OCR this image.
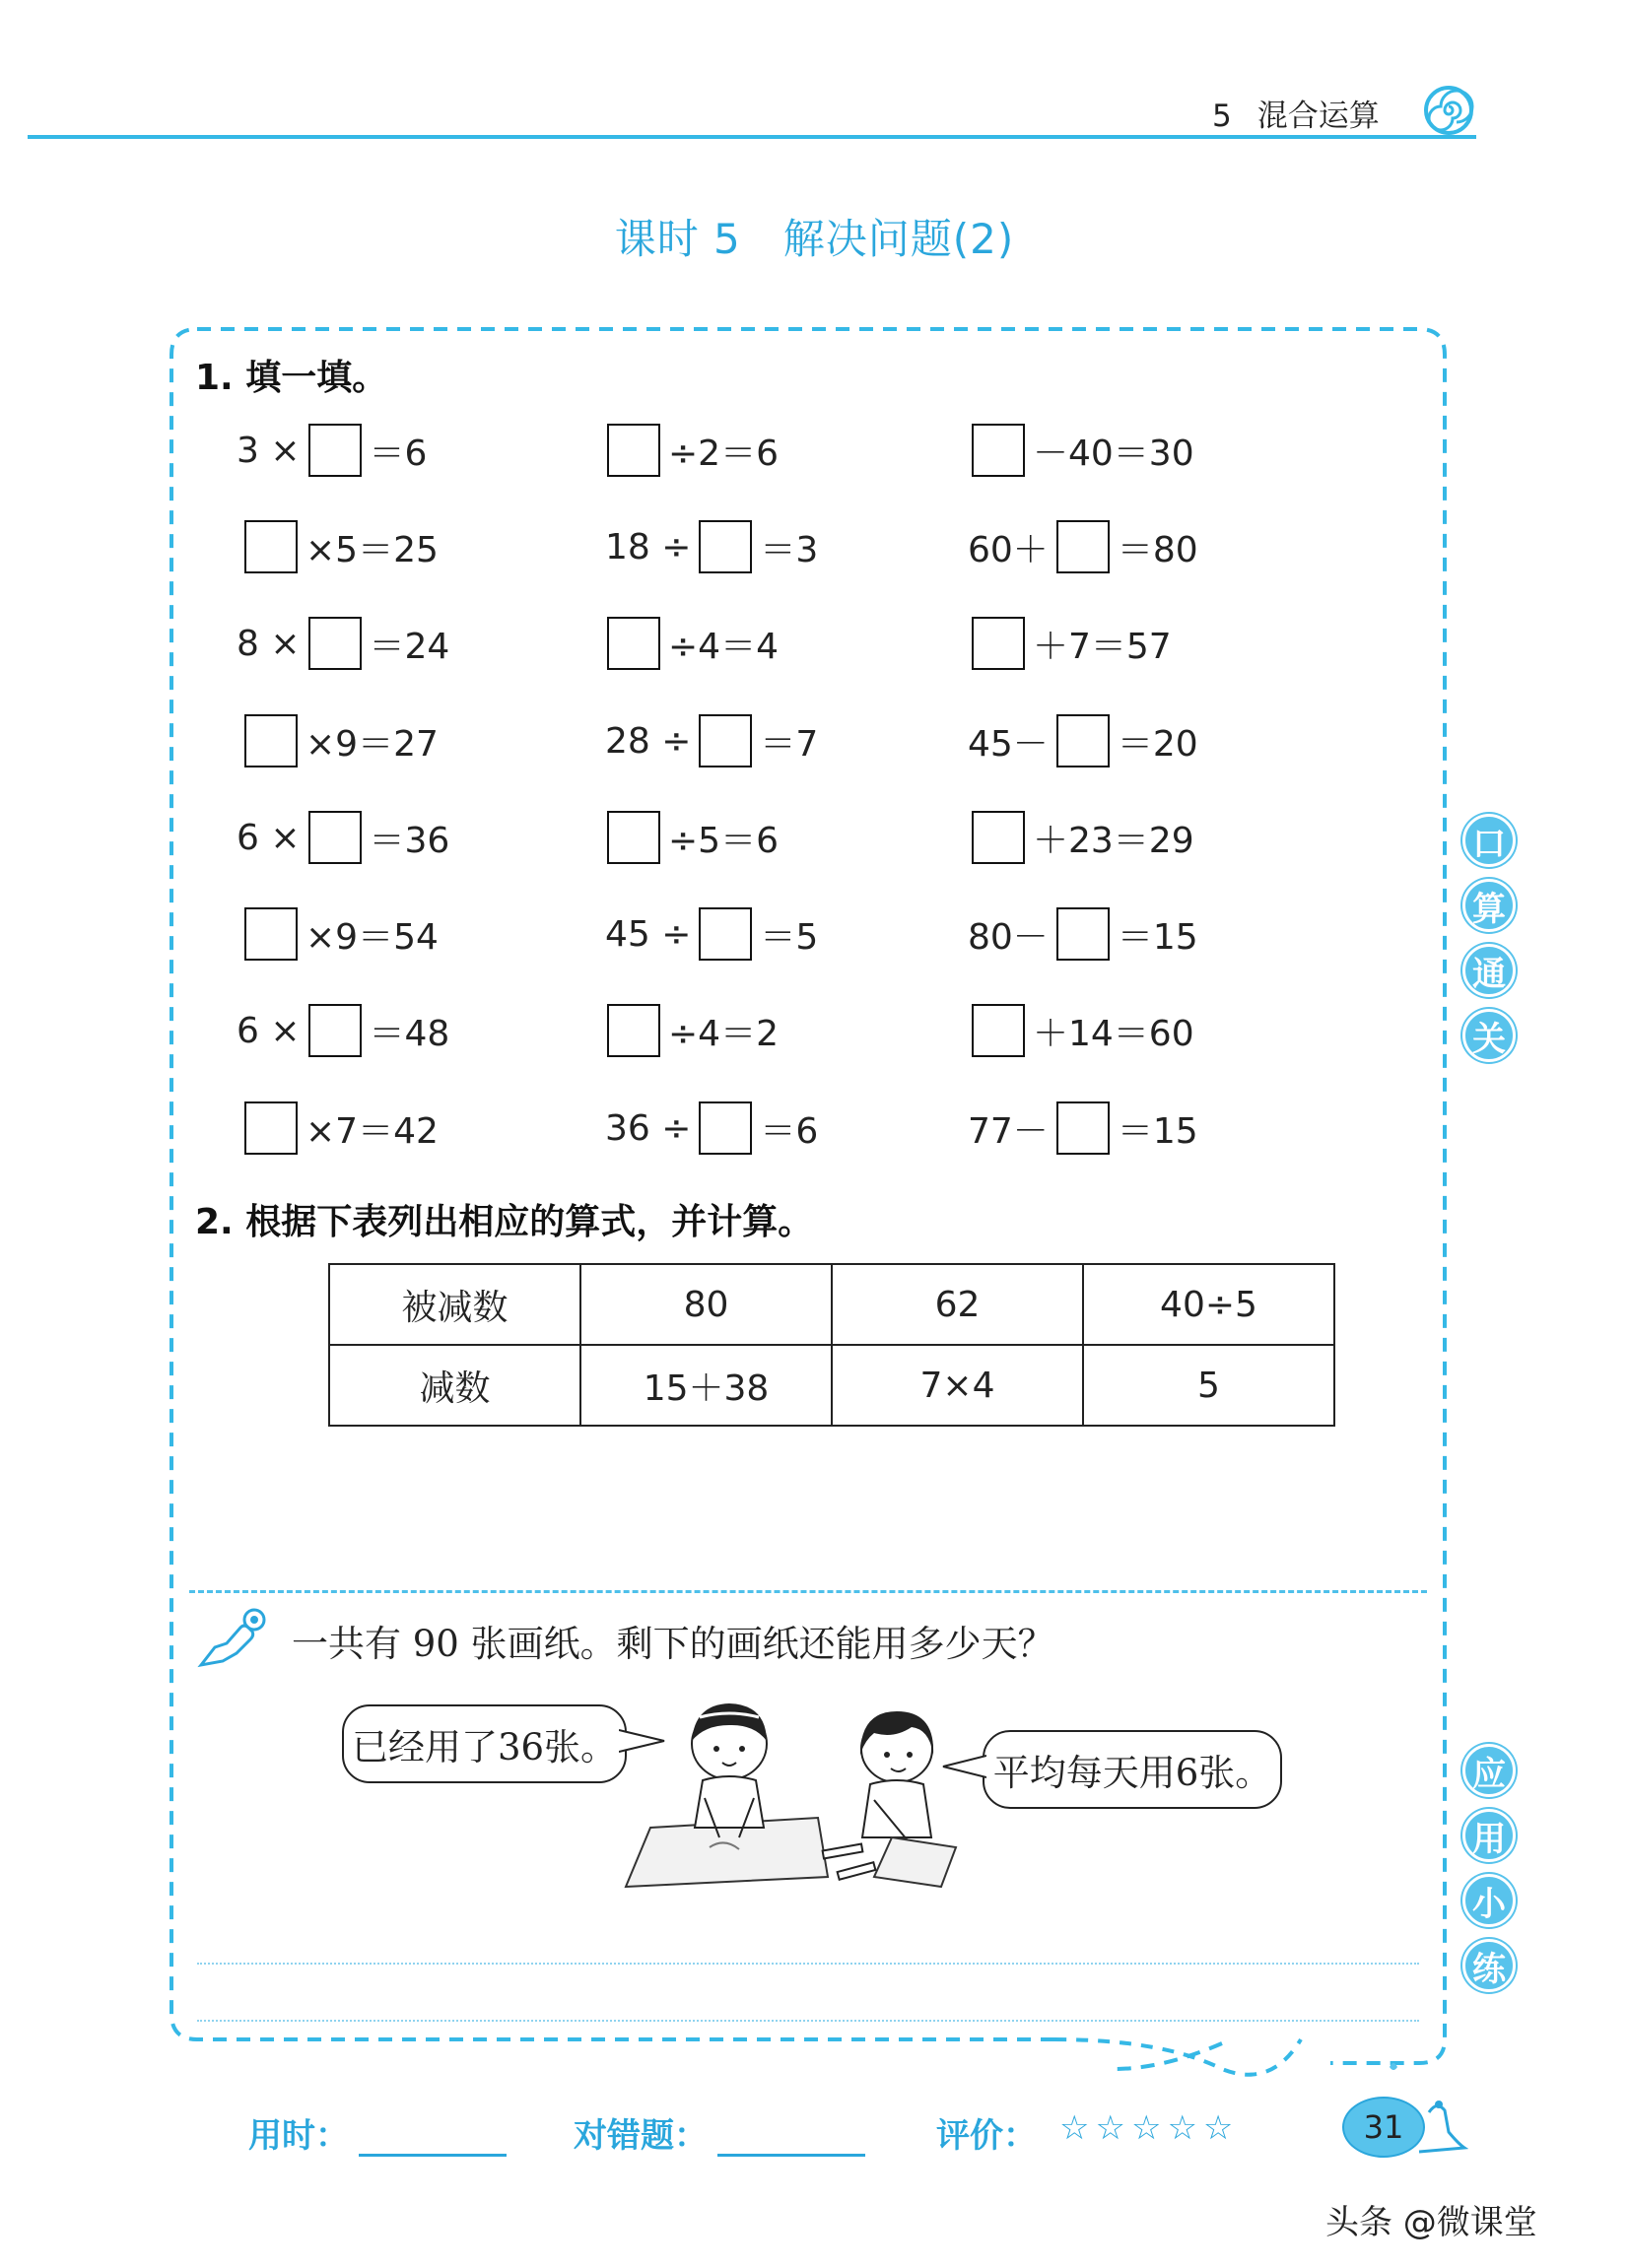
5 混合运算
课时 5　解决问题(2)
1. 填一填。
3 × ＝6	÷2＝6	－40＝30
×5＝25	18 ÷ ＝3	60＋ ＝80
8 × ＝24	÷4＝4	＋7＝57
×9＝27	28 ÷ ＝7	45－ ＝20
6 × ＝36	÷5＝6	＋23＝29
×9＝54	45 ÷ ＝5	80－ ＝15
6 × ＝48	÷4＝2	＋14＝60
×7＝42	36 ÷ ＝6	77－ ＝15
2. 根据下表列出相应的算式，并计算。
被减数	80	62	40÷5
减数	15＋38	7×4	5
一共有 90 张画纸。剩下的画纸还能用多少天？
已经用了36张。
平均每天用6张。
口
算
通
关
应
用
小
练
用时：	对错题：	评价： ☆☆☆☆☆	31
头条 @微课堂
